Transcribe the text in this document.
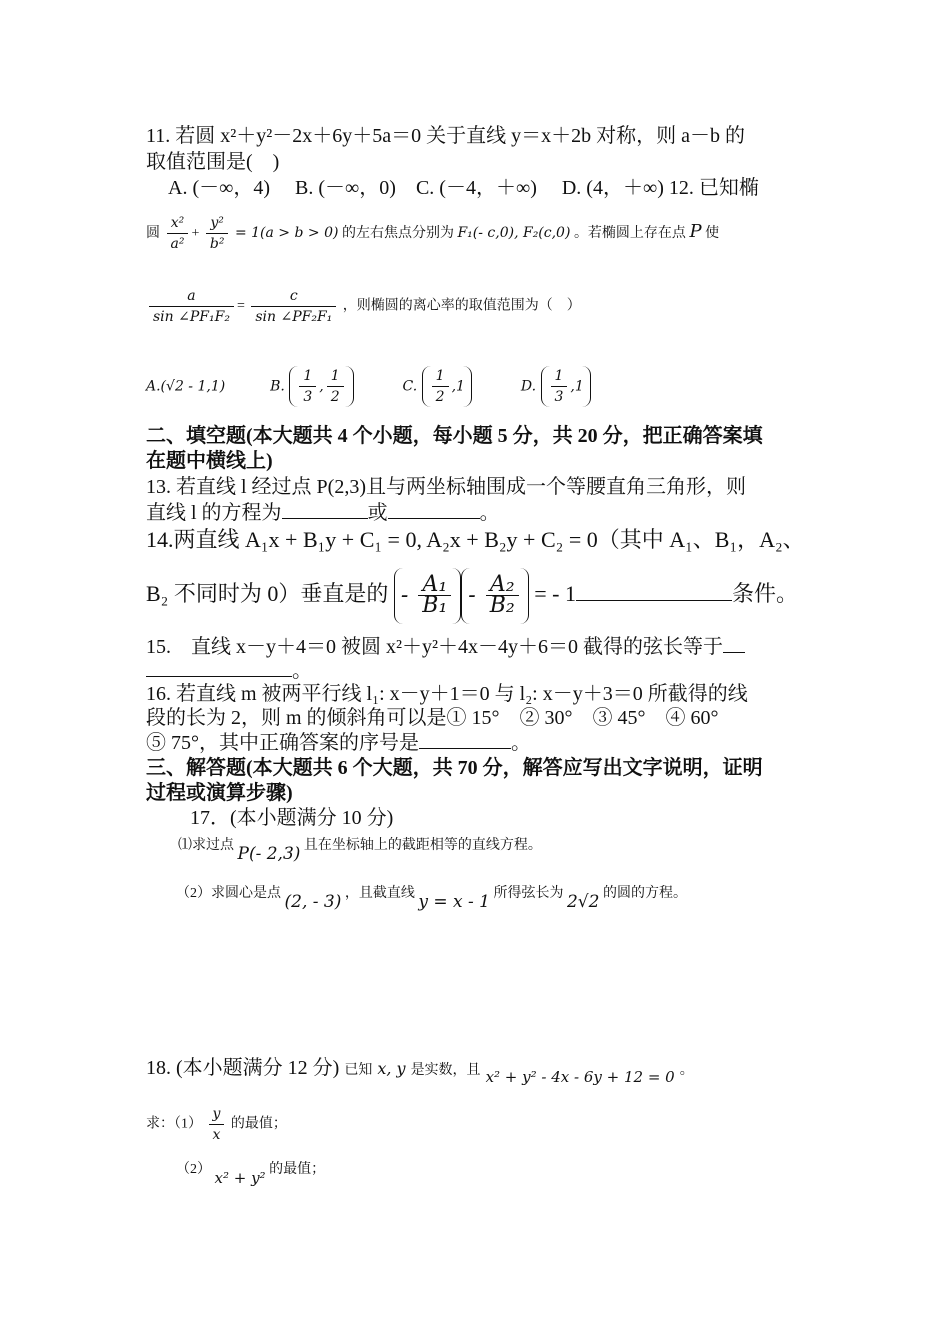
11. 若圆 x²＋y²－2x＋6y＋5a＝0 关于直线 y＝x＋2b 对称，则 a－b 的
取值范围是(　)
A. (－∞，4)　 B. (－∞，0)　C. (－4，＋∞)　 D. (4，＋∞) 12. 已知椭
圆 $\frac{\text{x²}}{\text{a²}} + \frac{\text{y²}}{\text{b²}} = 1(a > b > 0)$ 的左右焦点分别为 F₁(- c,0), F₂(c,0) 。若椭圆上存在点 P 使
$\frac{a}{\text{sin ∠PF₁F₂}} = \frac{c}{\text{sin ∠PF₂F₁}}$ ，则椭圆的离心率的取值范围为（　）
A.(√2 - 1,1)	B. $\frac{1}{3}$ , $\frac{1}{2}$	C. $\frac{1}{2} ,1$	D. $\frac{1}{3} ,1$
二、填空题(本大题共 4 个小题，每小题 5 分，共 20 分，把正确答案填
在题中横线上)
13. 若直线 l 经过点 P(2,3)且与两坐标轴围成一个等腰直角三角形，则
直线 l 的方程为	或	。
14.两直线 A₁x + B₁y + C₁ = 0, A₂x + B₂y + C₂ = 0（其中 A₁、B₁，A₂、
B₂ 不同时为 0）垂直是的 - $\frac{\text{A₁}}{\text{B₁}} - \frac{\text{A₂}}{\text{B₂}}$ = - 1	条件。
15.　直线 x－y＋4＝0 被圆 x²＋y²＋4x－4y＋6＝0 截得的弦长等于
。
16. 若直线 m 被两平行线 l₁: x－y＋1＝0 与 l₂: x－y＋3＝0 所截得的线
段的长为 2，则 m 的倾斜角可以是① 15°　② 30°　③ 45°　④ 60°
⑤ 75°，其中正确答案的序号是	。
三、解答题(本大题共 6 个大题，共 70 分，解答应写出文字说明，证明
过程或演算步骤)
17．(本小题满分 10 分)
⑴求过点 P(- 2,3) 且在坐标轴上的截距相等的直线方程。
（2）求圆心是点 (2, - 3) ，且截直线 y = x - 1 所得弦长为 2√2 的圆的方程。
18. (本小题满分 12 分) 已知 x, y 是实数，且 $_{x^2 + y^2 - 4x - 6y + 12 = 0}$ 。
求：$(1) \frac{y}{x}$ 的最值；
（2） x² + y² 的最值；
